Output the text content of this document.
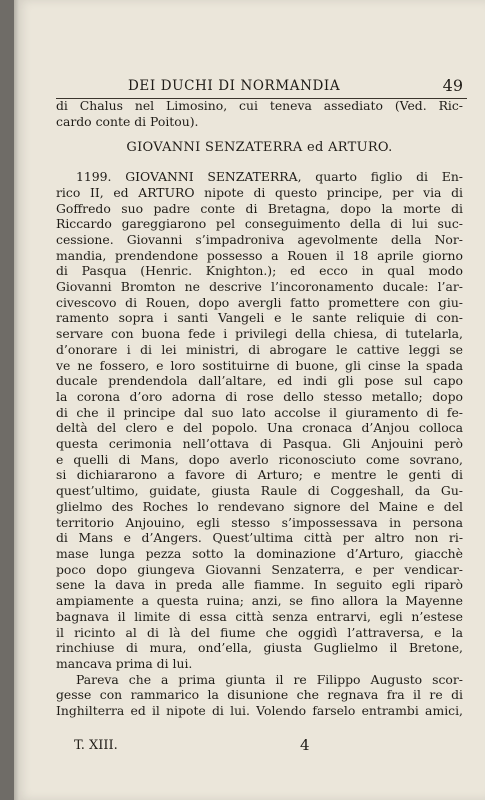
DEI DUCHI DI NORMANDIA	49
di Chalus nel Limosino, cui teneva assediato (Ved. Ric-
cardo conte di Poitou).
GIOVANNI SENZATERRA ed ARTURO.
1199. GIOVANNI SENZATERRA, quarto figlio di En-
rico II, ed ARTURO nipote di questo principe, per via di
Goffredo suo padre conte di Bretagna, dopo la morte di
Riccardo gareggiarono pel conseguimento della di lui suc-
cessione. Giovanni s’impadroniva agevolmente della Nor-
mandia, prendendone possesso a Rouen il 18 aprile giorno
di Pasqua (Henric. Knighton.); ed ecco in qual modo
Giovanni Bromton ne descrive l’incoronamento ducale: l’ar-
civescovo di Rouen, dopo avergli fatto promettere con giu-
ramento sopra i santi Vangeli e le sante reliquie di con-
servare con buona fede i privilegi della chiesa, di tutelarla,
d’onorare i di lei ministri, di abrogare le cattive leggi se
ve ne fossero, e loro sostituirne di buone, gli cinse la spada
ducale prendendola dall’altare, ed indi gli pose sul capo
la corona d’oro adorna di rose dello stesso metallo; dopo
di che il principe dal suo lato accolse il giuramento di fe-
deltà del clero e del popolo. Una cronaca d’Anjou colloca
questa cerimonia nell’ottava di Pasqua. Gli Anjouini però
e quelli di Mans, dopo averlo riconosciuto come sovrano,
si dichiararono a favore di Arturo; e mentre le genti di
quest’ultimo, guidate, giusta Raule di Coggeshall, da Gu-
glielmo des Roches lo rendevano signore del Maine e del
territorio Anjouino, egli stesso s’impossessava in persona
di Mans e d’Angers. Quest’ultima città per altro non ri-
mase lunga pezza sotto la dominazione d’Arturo, giacchè
poco dopo giungeva Giovanni Senzaterra, e per vendicar-
sene la dava in preda alle fiamme. In seguito egli riparò
ampiamente a questa ruina; anzi, se fino allora la Mayenne
bagnava il limite di essa città senza entrarvi, egli n’estese
il ricinto al di là del fiume che oggidì l’attraversa, e la
rinchiuse di mura, ond’ella, giusta Guglielmo il Bretone,
mancava prima di lui.
Pareva che a prima giunta il re Filippo Augusto scor-
gesse con rammarico la disunione che regnava fra il re di
Inghilterra ed il nipote di lui. Volendo farselo entrambi amici,
T. XIII.	4
